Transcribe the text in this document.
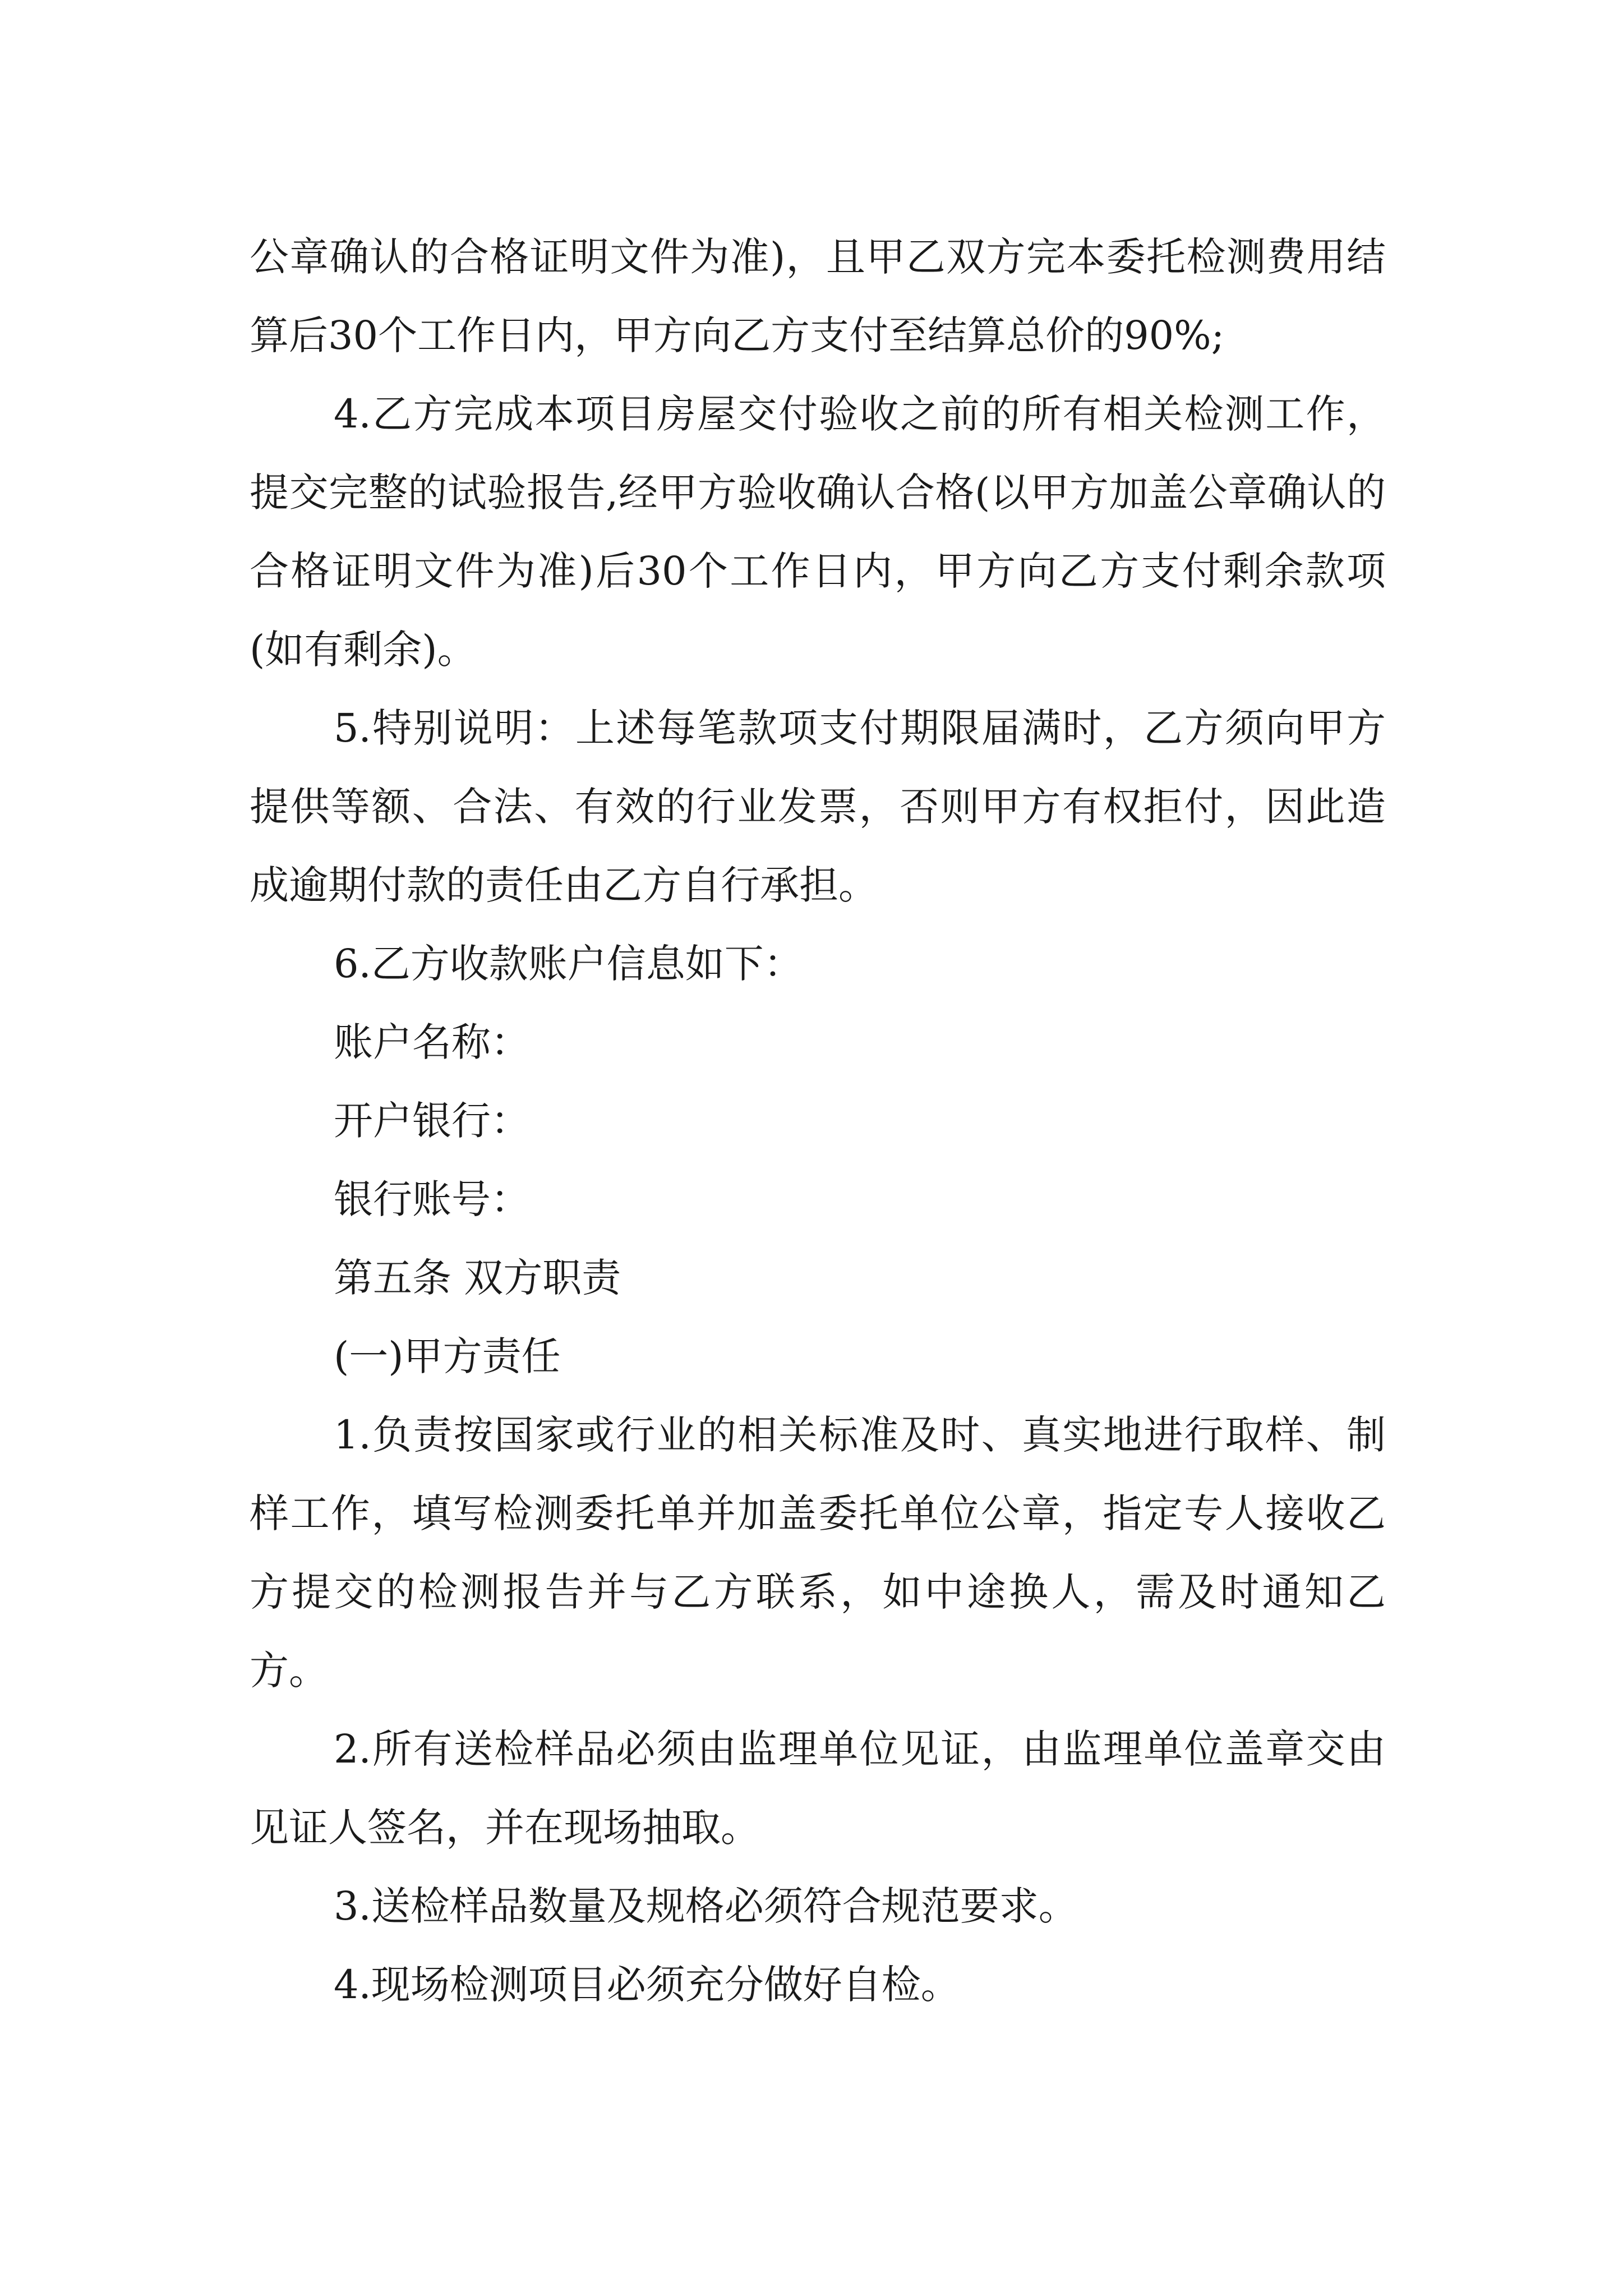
公章确认的合格证明文件为准)，且甲乙双方完本委托检测费用结算后30个工作日内，甲方向乙方支付至结算总价的90%;

4.乙方完成本项目房屋交付验收之前的所有相关检测工作，提交完整的试验报告,经甲方验收确认合格(以甲方加盖公章确认的合格证明文件为准)后30个工作日内，甲方向乙方支付剩余款项(如有剩余)。

5.特别说明：上述每笔款项支付期限届满时，乙方须向甲方提供等额、合法、有效的行业发票，否则甲方有权拒付，因此造成逾期付款的责任由乙方自行承担。

6.乙方收款账户信息如下：

账户名称：

开户银行：

银行账号：

第五条 双方职责

(一)甲方责任

1.负责按国家或行业的相关标准及时、真实地进行取样、制样工作，填写检测委托单并加盖委托单位公章，指定专人接收乙方提交的检测报告并与乙方联系，如中途换人，需及时通知乙方。

2.所有送检样品必须由监理单位见证，由监理单位盖章交由见证人签名，并在现场抽取。

3.送检样品数量及规格必须符合规范要求。

4.现场检测项目必须充分做好自检。
